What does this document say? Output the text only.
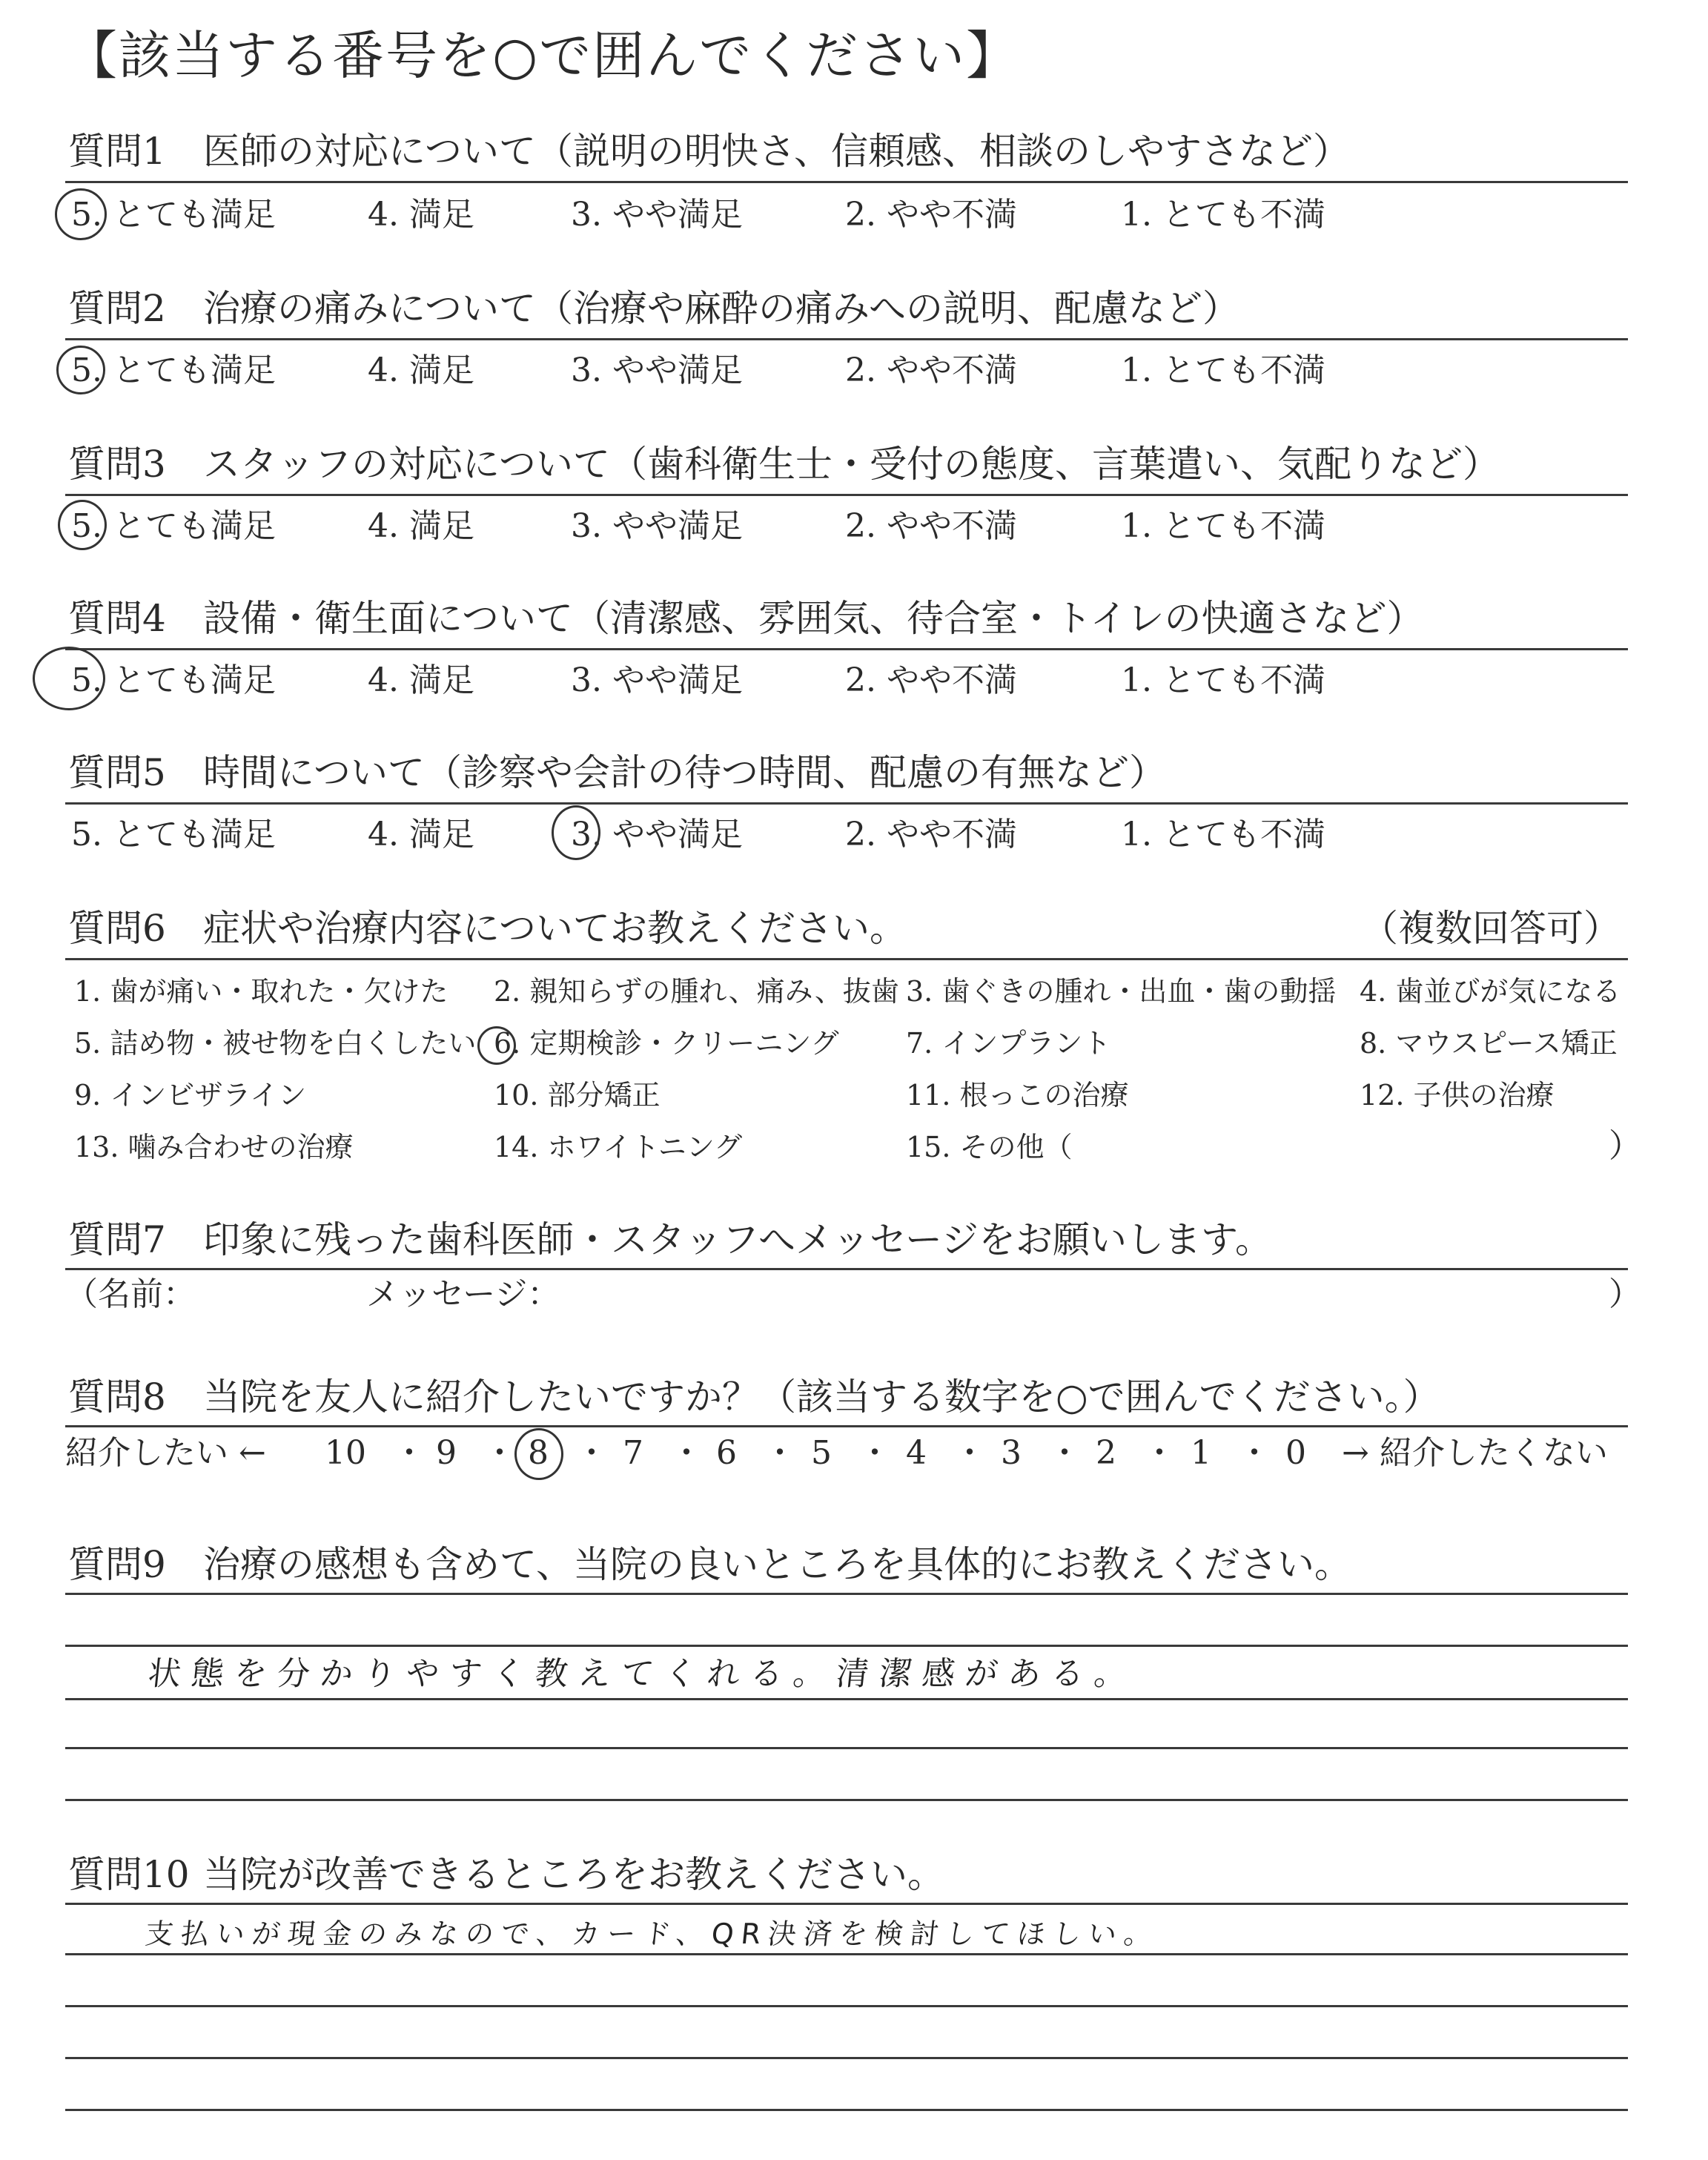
【該当する番号を○で囲んでください】
質問1 医師の対応について（説明の明快さ、信頼感、相談のしやすさなど）
5. とても満足	4. 満足	3. やや満足	2. やや不満	1. とても不満
質問2 治療の痛みについて（治療や麻酔の痛みへの説明、配慮など）
5. とても満足	4. 満足	3. やや満足	2. やや不満	1. とても不満
質問3 スタッフの対応について（歯科衛生士・受付の態度、言葉遣い、気配りなど）
5. とても満足	4. 満足	3. やや満足	2. やや不満	1. とても不満
質問4 設備・衛生面について（清潔感、雰囲気、待合室・トイレの快適さなど）
5. とても満足	4. 満足	3. やや満足	2. やや不満	1. とても不満
質問5 時間について（診察や会計の待つ時間、配慮の有無など）
5. とても満足	4. 満足	3. やや満足	2. やや不満	1. とても不満
質問6 症状や治療内容についてお教えください。	（複数回答可）
1. 歯が痛い・取れた・欠けた 2. 親知らずの腫れ、痛み、抜歯 3. 歯ぐきの腫れ・出血・歯の動揺 4. 歯並びが気になる
5. 詰め物・被せ物を白くしたい 6. 定期検診・クリーニング 7. インプラント	8. マウスピース矯正
9. インビザライン	10. 部分矯正	11. 根っこの治療	12. 子供の治療
13. 噛み合わせの治療	14. ホワイトニング	15. その他（	）
質問7 印象に残った歯科医師・スタッフへメッセージをお願いします。
（名前：	メッセージ：	）
質問8 当院を友人に紹介したいですか？（該当する数字を○で囲んでください。）
紹介したい ← 10 ・ 9 ・ 8 ・ 7 ・ 6 ・ 5 ・ 4 ・ 3 ・ 2 ・ 1 ・ 0 → 紹介したくない
質問9 治療の感想も含めて、当院の良いところを具体的にお教えください。
状態を分かりやすく教えてくれる。清潔感がある。
質問10 当院が改善できるところをお教えください。
支払いが現金のみなので、カード、QR決済を検討してほしい。
